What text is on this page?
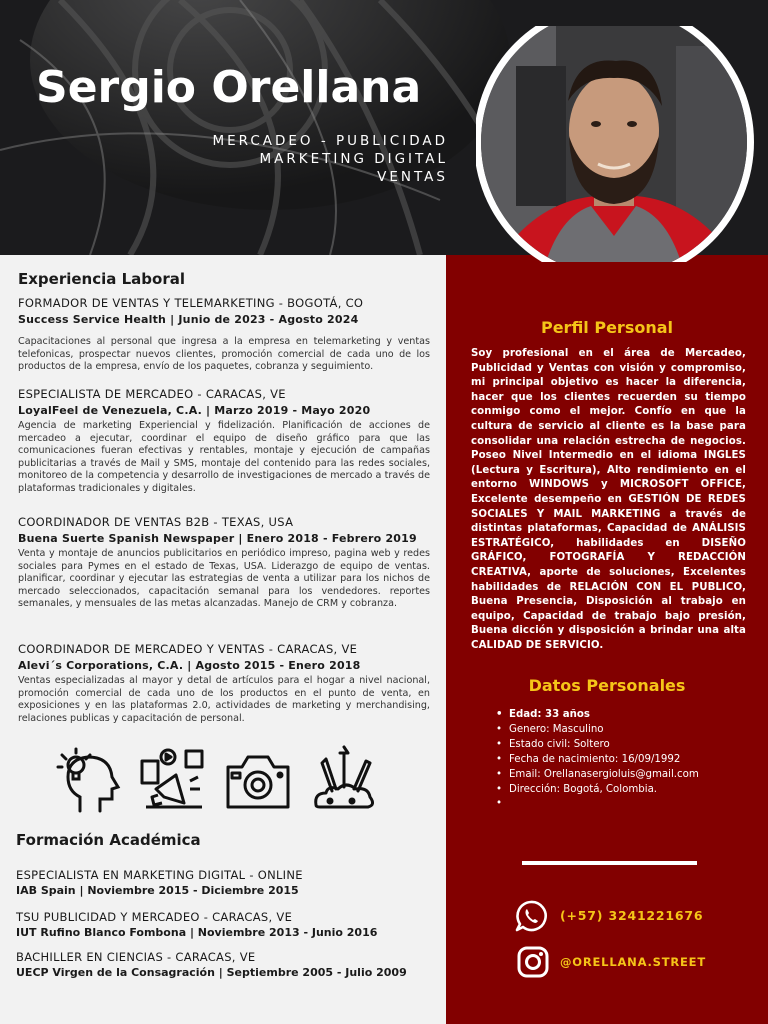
Sergio Orellana
MERCADEO - PUBLICIDAD
MARKETING DIGITAL
VENTAS
Experiencia Laboral
FORMADOR DE VENTAS Y TELEMARKETING - BOGOTÁ, CO
Success Service Health | Junio de 2023 - Agosto 2024
Capacitaciones al personal que ingresa a la empresa en telemarketing y ventas telefonicas, prospectar nuevos clientes, promoción comercial de cada uno de los productos de la empresa, envío de los paquetes, cobranza y seguimiento.
ESPECIALISTA DE MERCADEO - CARACAS, VE
LoyalFeel de Venezuela, C.A. | Marzo 2019 - Mayo 2020
Agencia de marketing Experiencial y fidelización. Planificación de acciones de mercadeo a ejecutar, coordinar el equipo de diseño gráfico para que las comunicaciones fueran efectivas y rentables, montaje y ejecución de campañas publicitarias a través de Mail y SMS, montaje del contenido para las redes sociales, monitoreo de la competencia y desarrollo de investigaciones de mercado a través de plataformas tradicionales y digitales.
COORDINADOR DE VENTAS B2B - TEXAS, USA
Buena Suerte Spanish Newspaper | Enero 2018 - Febrero 2019
Venta y montaje de anuncios publicitarios en periódico impreso, pagina web y redes sociales para Pymes en el estado de Texas, USA. Liderazgo de equipo de ventas. planificar, coordinar y ejecutar las estrategias de venta a utilizar para los nichos de mercado seleccionados, capacitación semanal para los vendedores. reportes semanales, y mensuales de las metas alcanzadas. Manejo de CRM y cobranza.
COORDINADOR DE MERCADEO Y VENTAS - CARACAS, VE
Alevi´s Corporations, C.A. | Agosto 2015 - Enero 2018
Ventas especializadas al mayor y detal de artículos para el hogar a nivel nacional, promoción comercial de cada uno de los productos en el punto de venta, en exposiciones y en las plataformas 2.0, actividades de marketing y merchandising, relaciones publicas y capacitación de personal.
Formación Académica
ESPECIALISTA EN MARKETING DIGITAL - ONLINE
IAB Spain | Noviembre 2015 - Diciembre 2015
TSU PUBLICIDAD Y MERCADEO - CARACAS, VE
IUT Rufino Blanco Fombona | Noviembre 2013 - Junio 2016
BACHILLER EN CIENCIAS - CARACAS, VE
UECP Virgen de la Consagración | Septiembre 2005 - Julio 2009
Perfil Personal
Soy profesional en el área de Mercadeo, Publicidad y Ventas con visión y compromiso, mi principal objetivo es hacer la diferencia, hacer que los clientes recuerden su tiempo conmigo como el mejor. Confío en que la cultura de servicio al cliente es la base para consolidar una relación estrecha de negocios. Poseo Nivel Intermedio en el idioma INGLES (Lectura y Escritura), Alto rendimiento en el entorno WINDOWS y MICROSOFT OFFICE, Excelente desempeño en GESTIÓN DE REDES SOCIALES Y MAIL MARKETING a través de distintas plataformas, Capacidad de ANÁLISIS ESTRATÉGICO, habilidades en DISEÑO GRÁFICO, FOTOGRAFÍA Y REDACCIÓN CREATIVA, aporte de soluciones, Excelentes habilidades de RELACIÓN CON EL PUBLICO, Buena Presencia, Disposición al trabajo en equipo, Capacidad de trabajo bajo presión, Buena dicción y disposición a brindar una alta CALIDAD DE SERVICIO.
Datos Personales
• Edad: 33 años
• Genero: Masculino
• Estado civil: Soltero
• Fecha de nacimiento: 16/09/1992
• Email: Orellanasergioluis@gmail.com
• Dirección: Bogotá, Colombia.
(+57) 3241221676
@ORELLANA.STREET
